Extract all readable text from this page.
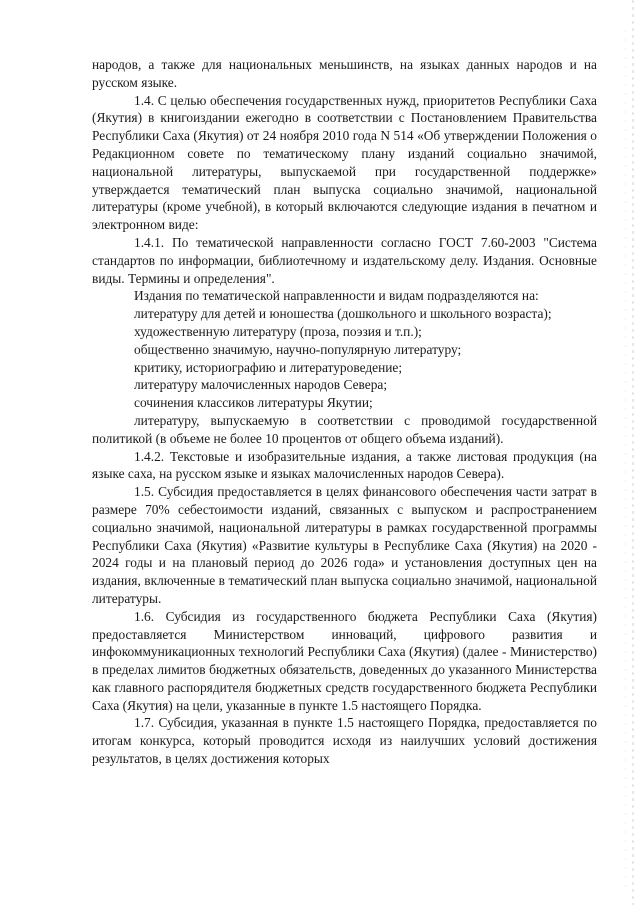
народов, а также для национальных меньшинств, на языках данных народов и на русском языке.

1.4. С целью обеспечения государственных нужд, приоритетов Республики Саха (Якутия) в книгоиздании ежегодно в соответствии с Постановлением Правительства Республики Саха (Якутия) от 24 ноября 2010 года N 514 «Об утверждении Положения о Редакционном совете по тематическому плану изданий социально значимой, национальной литературы, выпускаемой при государственной поддержке» утверждается тематический план выпуска социально значимой, национальной литературы (кроме учебной), в который включаются следующие издания в печатном и электронном виде:

1.4.1. По тематической направленности согласно ГОСТ 7.60-2003 "Система стандартов по информации, библиотечному и издательскому делу. Издания. Основные виды. Термины и определения".

Издания по тематической направленности и видам подразделяются на:

литературу для детей и юношества (дошкольного и школьного возраста);

художественную литературу (проза, поэзия и т.п.);

общественно значимую, научно-популярную литературу;

критику, историографию и литературоведение;

литературу малочисленных народов Севера;

сочинения классиков литературы Якутии;

литературу, выпускаемую в соответствии с проводимой государственной политикой (в объеме не более 10 процентов от общего объема изданий).

1.4.2. Текстовые и изобразительные издания, а также листовая продукция (на языке саха, на русском языке и языках малочисленных народов Севера).

1.5. Субсидия предоставляется в целях финансового обеспечения части затрат в размере 70% себестоимости изданий, связанных с выпуском и распространением социально значимой, национальной литературы в рамках государственной программы Республики Саха (Якутия) «Развитие культуры в Республике Саха (Якутия) на 2020 - 2024 годы и на плановый период до 2026 года» и установления доступных цен на издания, включенные в тематический план выпуска социально значимой, национальной литературы.

1.6. Субсидия из государственного бюджета Республики Саха (Якутия) предоставляется Министерством инноваций, цифрового развития и инфокоммуникационных технологий Республики Саха (Якутия) (далее - Министерство) в пределах лимитов бюджетных обязательств, доведенных до указанного Министерства как главного распорядителя бюджетных средств государственного бюджета Республики Саха (Якутия) на цели, указанные в пункте 1.5 настоящего Порядка.

1.7. Субсидия, указанная в пункте 1.5 настоящего Порядка, предоставляется по итогам конкурса, который проводится исходя из наилучших условий достижения результатов, в целях достижения которых
